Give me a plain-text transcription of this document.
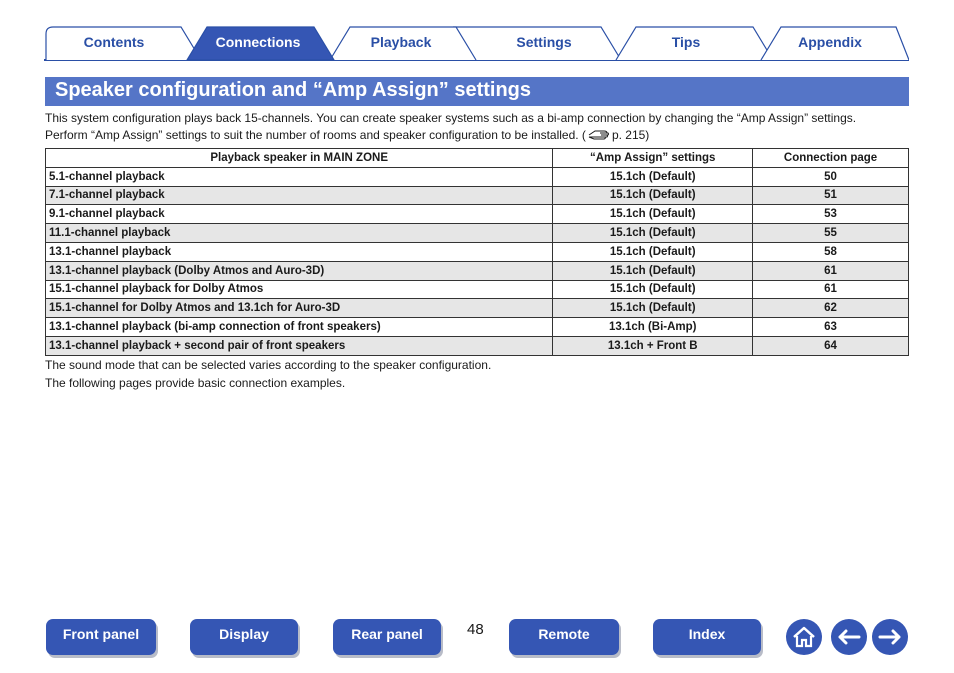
Contents	Connections	Playback	Settings	Tips	Appendix
Speaker configuration and “Amp Assign” settings

This system configuration plays back 15-channels. You can create speaker systems such as a bi-amp connection by changing the “Amp Assign” settings.

Perform “Amp Assign” settings to suit the number of rooms and speaker configuration to be installed. ( p. 215)

Playback speaker in MAIN ZONE	“Amp Assign” settings	Connection page
5.1-channel playback	15.1ch (Default)	50
7.1-channel playback	15.1ch (Default)	51
9.1-channel playback	15.1ch (Default)	53
11.1-channel playback	15.1ch (Default)	55
13.1-channel playback	15.1ch (Default)	58
13.1-channel playback (Dolby Atmos and Auro-3D)	15.1ch (Default)	61
15.1-channel playback for Dolby Atmos	15.1ch (Default)	61
15.1-channel for Dolby Atmos and 13.1ch for Auro-3D	15.1ch (Default)	62
13.1-channel playback (bi-amp connection of front speakers)	13.1ch (Bi-Amp)	63
13.1-channel playback + second pair of front speakers	13.1ch + Front B	64

The sound mode that can be selected varies according to the speaker configuration.

The following pages provide basic connection examples.

Front panel	Display	Rear panel	48	Remote	Index
